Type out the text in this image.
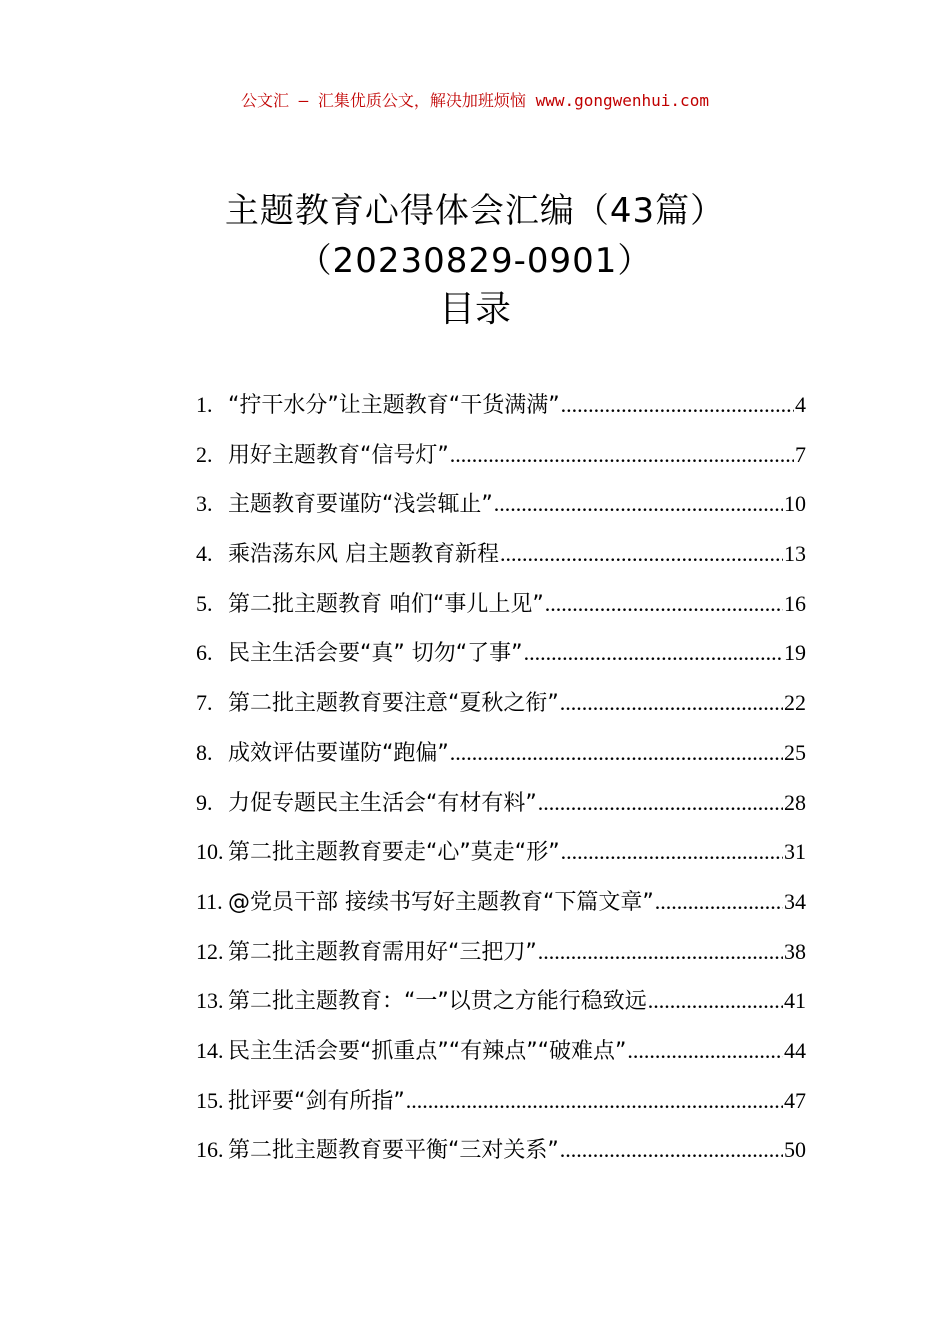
公文汇 — 汇集优质公文，解决加班烦恼 www.gongwenhui.com
主题教育心得体会汇编（43篇）（20230829-0901）
目录
1. “拧干水分”让主题教育“干货满满” .....	4
2. 用好主题教育“信号灯” .....	7
3. 主题教育要谨防“浅尝辄止” .....	10
4. 乘浩荡东风 启主题教育新程 .....	13
5. 第二批主题教育 咱们“事儿上见” .....	16
6. 民主生活会要“真” 切勿“了事” .....	19
7. 第二批主题教育要注意“夏秋之衔” .....	22
8. 成效评估要谨防“跑偏” .....	25
9. 力促专题民主生活会“有材有料” .....	28
10. 第二批主题教育要走“心”莫走“形” .....	31
11. @党员干部 接续书写好主题教育“下篇文章” .....	34
12. 第二批主题教育需用好“三把刀” .....	38
13. 第二批主题教育：“一”以贯之方能行稳致远 .....	41
14. 民主生活会要“抓重点”“有辣点”“破难点” .....	44
15. 批评要“剑有所指” .....	47
16. 第二批主题教育要平衡“三对关系” .....	50
